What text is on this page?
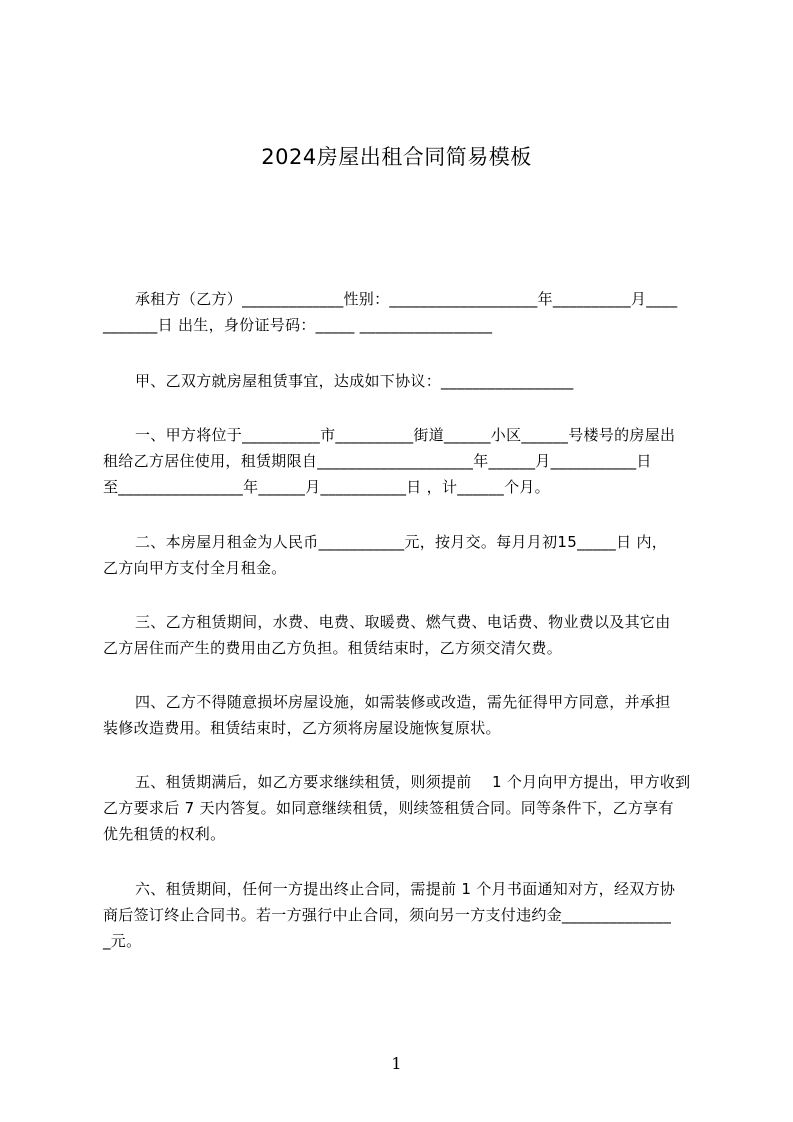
2024房屋出租合同简易模板
承租方（乙方）_____________性别：___________________年__________月____
_______日 出生，身份证号码：_____ _________________
甲、乙双方就房屋租赁事宜，达成如下协议：_________________
一、甲方将位于__________市__________街道______小区______号楼号的房屋出
租给乙方居住使用，租赁期限自____________________年______月___________日
至________________年______月___________日 ，计______个月。
二、本房屋月租金为人民币___________元，按月交。每月月初15_____日 内，
乙方向甲方支付全月租金。
三、乙方租赁期间，水费、电费、取暖费、燃气费、电话费、物业费以及其它由
乙方居住而产生的费用由乙方负担。租赁结束时，乙方须交清欠费。
四、乙方不得随意损坏房屋设施，如需装修或改造，需先征得甲方同意，并承担
装修改造费用。租赁结束时，乙方须将房屋设施恢复原状。
五、租赁期满后，如乙方要求继续租赁，则须提前　 1 个月向甲方提出，甲方收到
乙方要求后 7 天内答复。如同意继续租赁，则续签租赁合同。同等条件下，乙方享有
优先租赁的权利。
六、租赁期间，任何一方提出终止合同，需提前 1 个月书面通知对方，经双方协
商后签订终止合同书。若一方强行中止合同，须向另一方支付违约金______________
_元。
1
